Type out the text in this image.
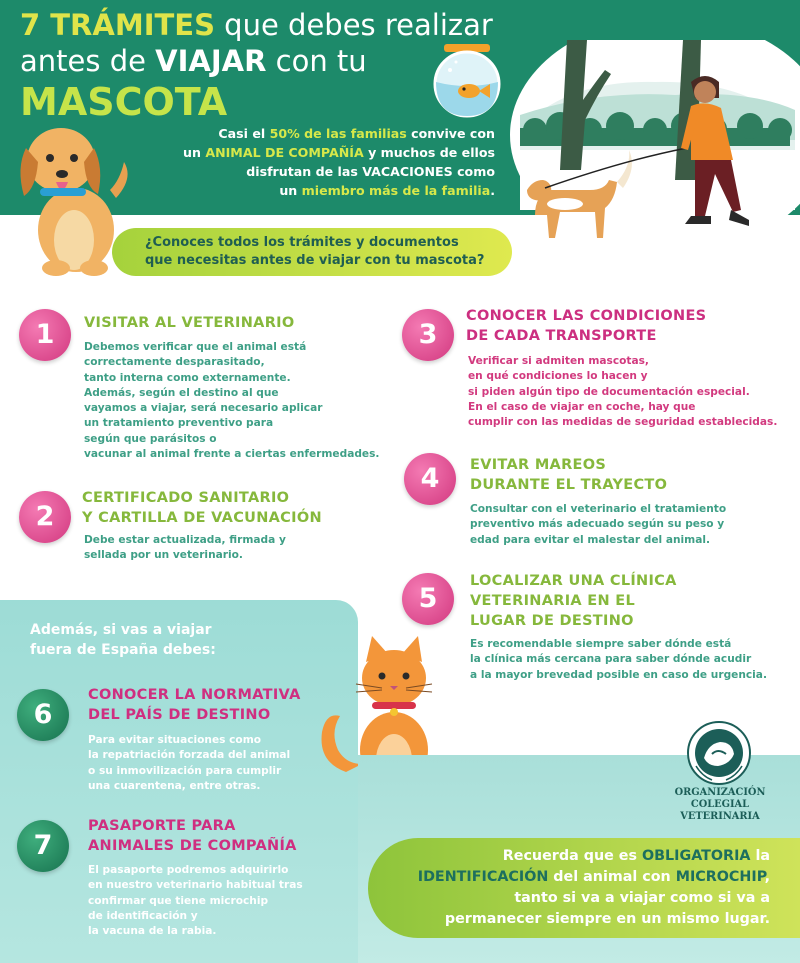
7 TRÁMITES que debes realizar
antes de VIAJAR con tu
MASCOTA
Casi el 50% de las familias convive con
un ANIMAL DE COMPAÑÍA y muchos de ellos
disfrutan de las VACACIONES como
un miembro más de la familia.
¿Conoces todos los trámites y documentos
que necesitas antes de viajar con tu mascota?
1	VISITAR AL VETERINARIO
Debemos verificar que el animal está
correctamente desparasitado,
tanto interna como externamente.
Además, según el destino al que
vayamos a viajar, será necesario aplicar
un tratamiento preventivo para
según que parásitos o
vacunar al animal frente a ciertas enfermedades.
2
CERTIFICADO SANITARIO
Y CARTILLA DE VACUNACIÓN
Debe estar actualizada, firmada y
sellada por un veterinario.
3
CONOCER LAS CONDICIONES
DE CADA TRANSPORTE
Verificar si admiten mascotas,
en qué condiciones lo hacen y
si piden algún tipo de documentación especial.
En el caso de viajar en coche, hay que
cumplir con las medidas de seguridad establecidas.
4	EVITAR MAREOS
DURANTE EL TRAYECTO
Consultar con el veterinario el tratamiento
preventivo más adecuado según su peso y
edad para evitar el malestar del animal.
5
LOCALIZAR UNA CLÍNICA
VETERINARIA EN EL
LUGAR DE DESTINO
Es recomendable siempre saber dónde está
la clínica más cercana para saber dónde acudir
a la mayor brevedad posible en caso de urgencia.
Además, si vas a viajar
fuera de España debes:
6
CONOCER LA NORMATIVA
DEL PAÍS DE DESTINO
Para evitar situaciones como
la repatriación forzada del animal
o su inmovilización para cumplir
una cuarentena, entre otras.
7
PASAPORTE PARA
ANIMALES DE COMPAÑÍA
El pasaporte podremos adquirirlo
en nuestro veterinario habitual tras
confirmar que tiene microchip
de identificación y
la vacuna de la rabia.
ORGANIZACIÓN
COLEGIAL
VETERINARIA
Recuerda que es OBLIGATORIA la
IDENTIFICACIÓN del animal con MICROCHIP,
tanto si va a viajar como si va a
permanecer siempre en un mismo lugar.
